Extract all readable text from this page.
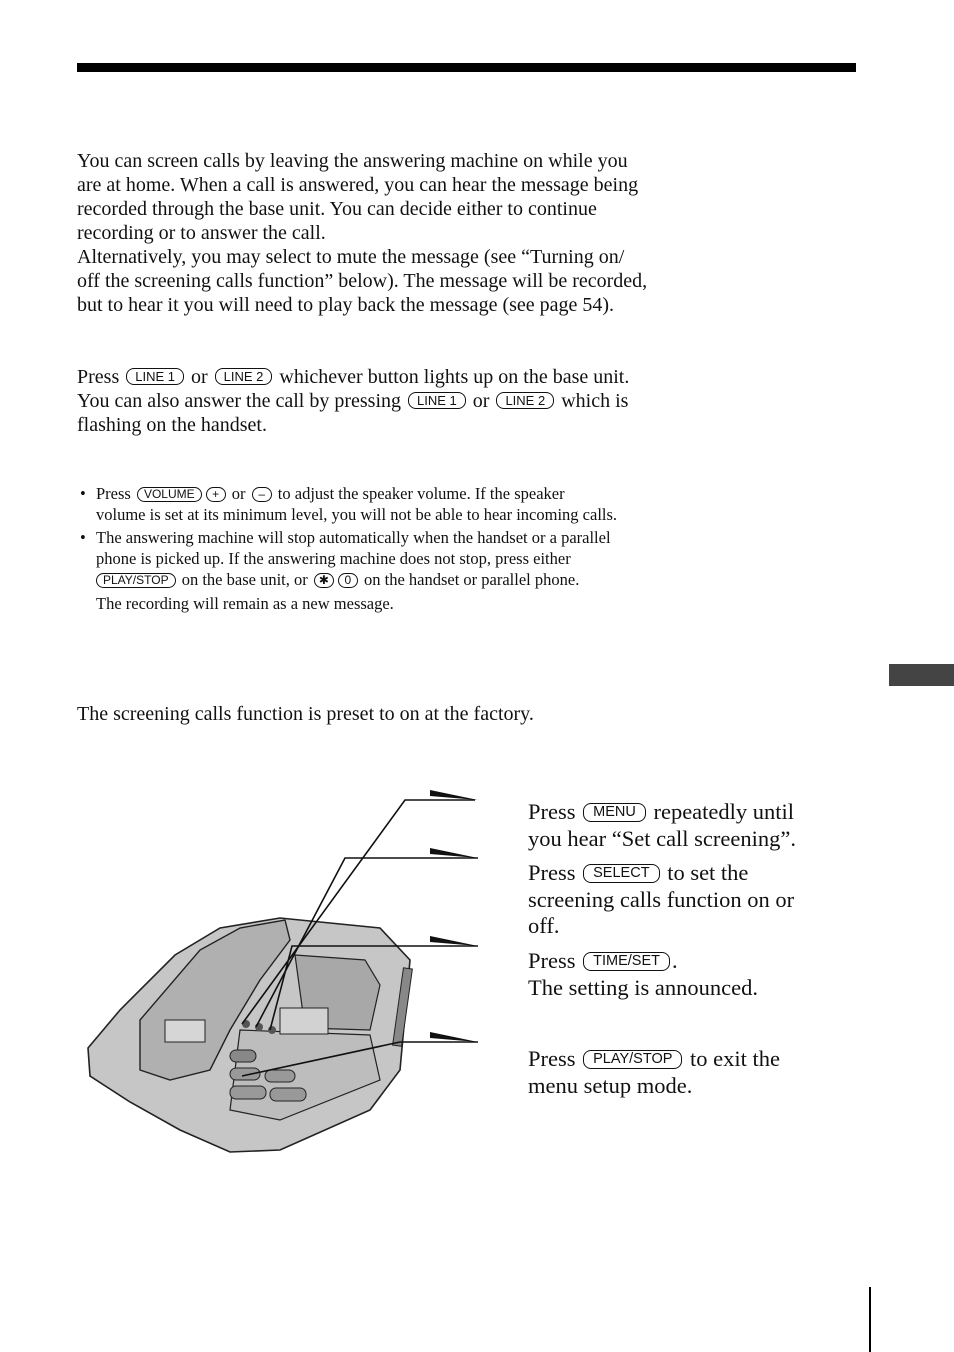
You can screen calls by leaving the answering machine on while you
are at home. When a call is answered, you can hear the message being
recorded through the base unit. You can decide either to continue
recording or to answer the call.
Alternatively, you may select to mute the message (see “Turning on/
off the screening calls function” below). The message will be recorded,
but to hear it you will need to play back the message (see page 54).
Press LINE 1 or LINE 2 whichever button lights up on the base unit.
You can also answer the call by pressing LINE 1 or LINE 2 which is
flashing on the handset.
• Press VOLUME + or – to adjust the speaker volume. If the speaker
volume is set at its minimum level, you will not be able to hear incoming calls.
• The answering machine will stop automatically when the handset or a parallel
phone is picked up. If the answering machine does not stop, press either
PLAY/STOP on the base unit, or ✱ 0 on the handset or parallel phone.
The recording will remain as a new message.
The screening calls function is preset to on at the factory.
Press MENU repeatedly until
you hear “Set call screening”.
Press SELECT to set the
screening calls function on or
off.
Press TIME/SET .
The setting is announced.
Press PLAY/STOP to exit the
menu setup mode.
